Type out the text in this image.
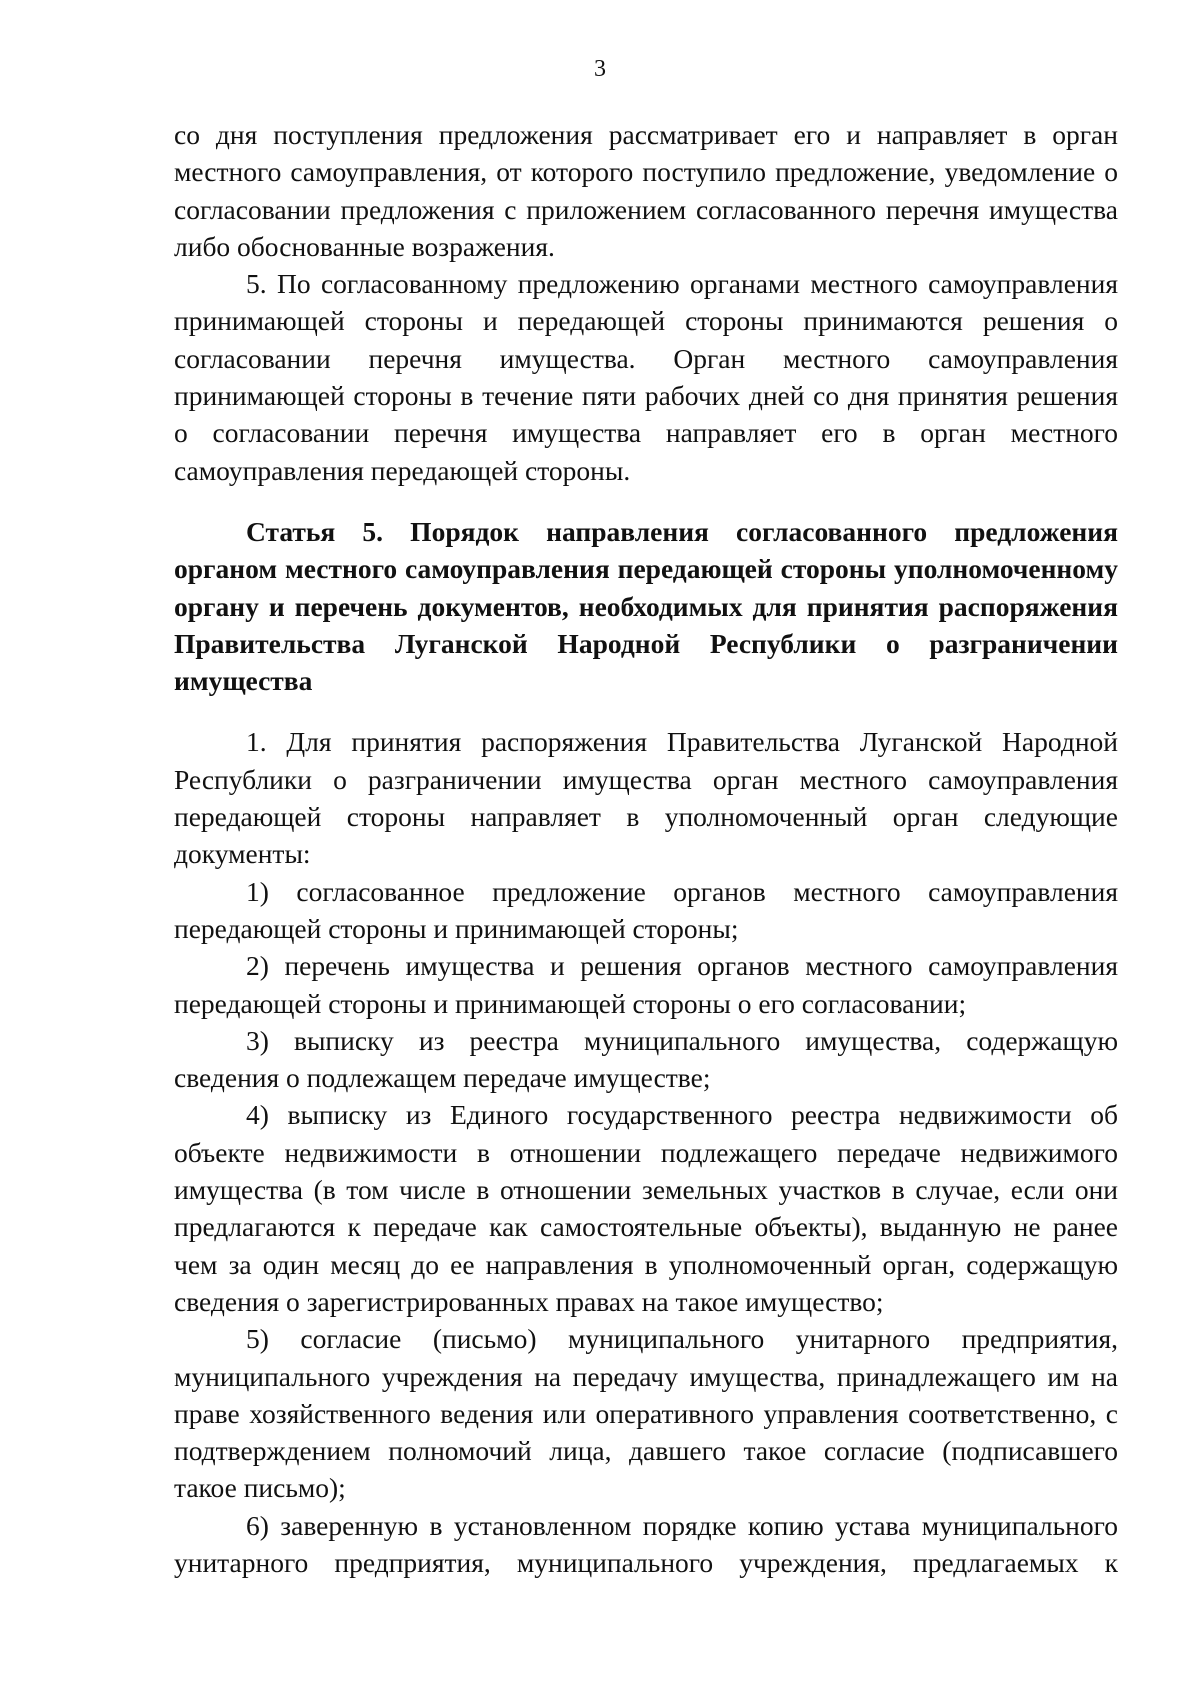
3

со дня поступления предложения рассматривает его и направляет в орган местного самоуправления, от которого поступило предложение, уведомление о согласовании предложения с приложением согласованного перечня имущества либо обоснованные возражения.

5. По согласованному предложению органами местного самоуправления принимающей стороны и передающей стороны принимаются решения о согласовании перечня имущества. Орган местного самоуправления принимающей стороны в течение пяти рабочих дней со дня принятия решения о согласовании перечня имущества направляет его в орган местного самоуправления передающей стороны.

Статья 5. Порядок направления согласованного предложения органом местного самоуправления передающей стороны уполномоченному органу и перечень документов, необходимых для принятия распоряжения Правительства Луганской Народной Республики о разграничении имущества

1. Для принятия распоряжения Правительства Луганской Народной Республики о разграничении имущества орган местного самоуправления передающей стороны направляет в уполномоченный орган следующие документы:

1) согласованное предложение органов местного самоуправления передающей стороны и принимающей стороны;

2) перечень имущества и решения органов местного самоуправления передающей стороны и принимающей стороны о его согласовании;

3) выписку из реестра муниципального имущества, содержащую сведения о подлежащем передаче имуществе;

4) выписку из Единого государственного реестра недвижимости об объекте недвижимости в отношении подлежащего передаче недвижимого имущества (в том числе в отношении земельных участков в случае, если они предлагаются к передаче как самостоятельные объекты), выданную не ранее чем за один месяц до ее направления в уполномоченный орган, содержащую сведения о зарегистрированных правах на такое имущество;

5) согласие (письмо) муниципального унитарного предприятия, муниципального учреждения на передачу имущества, принадлежащего им на праве хозяйственного ведения или оперативного управления соответственно, с подтверждением полномочий лица, давшего такое согласие (подписавшего такое письмо);

6) заверенную в установленном порядке копию устава муниципального унитарного предприятия, муниципального учреждения, предлагаемых к
